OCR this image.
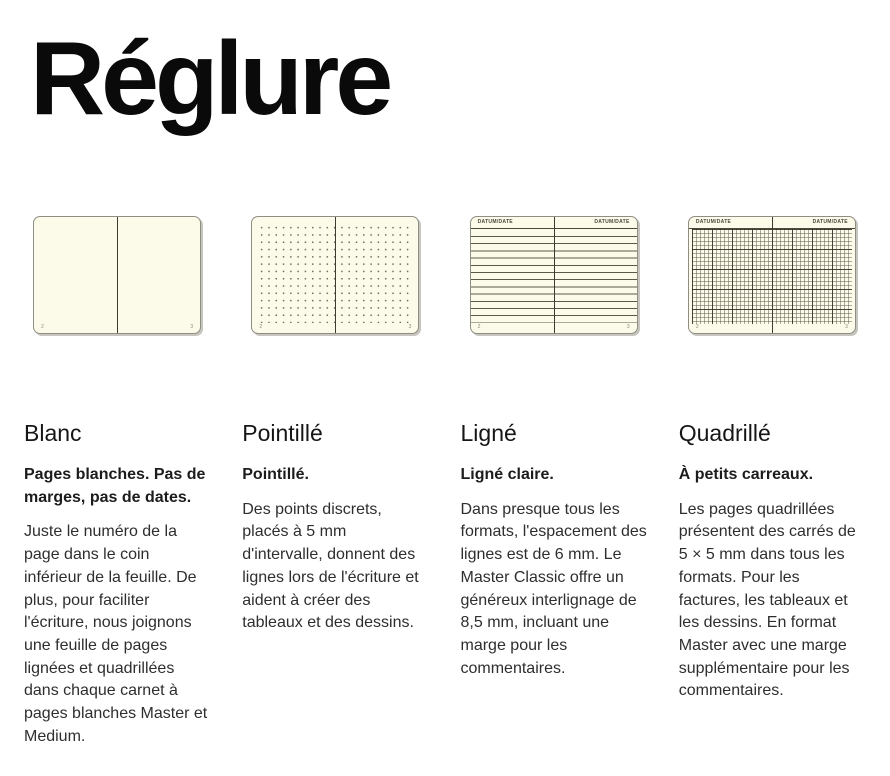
Réglure
2	3
Blanc

Pages blanches. Pas de marges, pas de dates.

Juste le numéro de la page dans le coin inférieur de la feuille. De plus, pour faciliter l'écriture, nous joignons une feuille de pages lignées et quadrillées dans chaque carnet à pages blanches Master et Medium.

2	3
Pointillé

Pointillé.

Des points discrets, placés à 5 mm d'intervalle, donnent des lignes lors de l'écriture et aident à créer des tableaux et des dessins.

DATUM/DATE	DATUM/DATE
2	3
Ligné

Ligné claire.

Dans presque tous les formats, l'espacement des lignes est de 6 mm. Le Master Classic offre un généreux interlignage de 8,5 mm, incluant une marge pour les commentaires.

DATUM/DATE	DATUM/DATE
2	3
Quadrillé

À petits carreaux.

Les pages quadrillées présentent des carrés de 5 × 5 mm dans tous les formats. Pour les factures, les tableaux et les dessins. En format Master avec une marge supplémentaire pour les commentaires.
